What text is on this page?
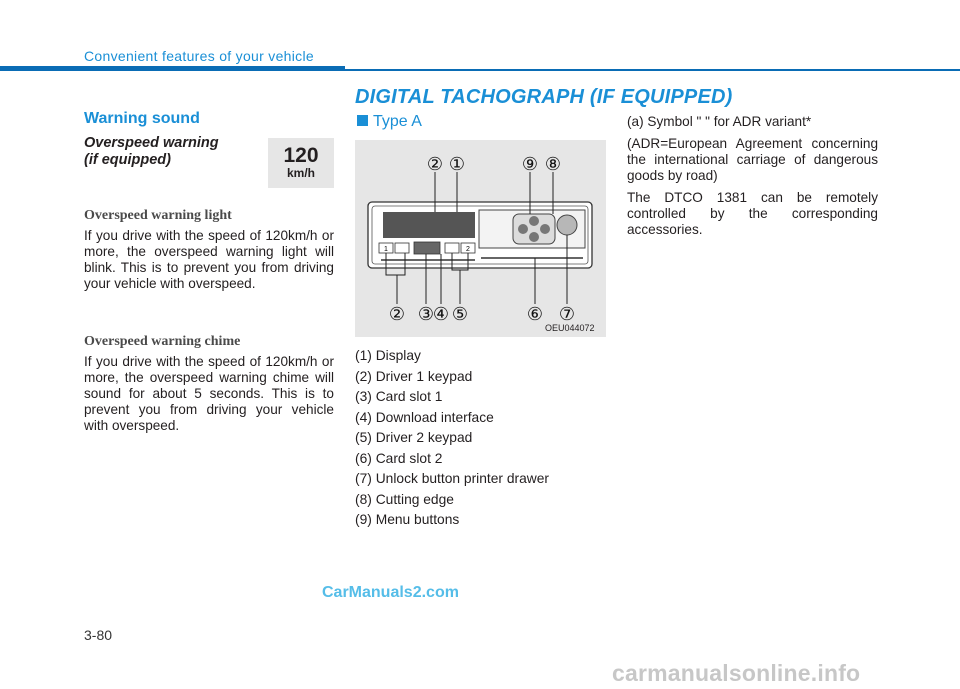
Convenient features of your vehicle
DIGITAL TACHOGRAPH (IF EQUIPPED)
Warning sound
Overspeed warning
(if equipped)	120
km/h
Overspeed warning light
If you drive with the speed of 120km/h or more, the overspeed warning light will blink. This is to prevent you from driving your vehicle with overspeed.
Overspeed warning chime
If you drive with the speed of 120km/h or more, the overspeed warning chime will sound for about 5 seconds. This is to prevent you from driving your vehicle with overspeed.
Type A
1	2
② ①	⑨ ⑧
② ③
④ ⑤	⑥ ⑦
OEU044072
(1) Display
(2) Driver 1 keypad
(3) Card slot 1
(4) Download interface
(5) Driver 2 keypad
(6) Card slot 2
(7) Unlock button printer drawer
(8) Cutting edge
(9) Menu buttons

(a) Symbol " " for ADR variant*

(ADR=European Agreement concerning the international carriage of dangerous goods by road)

The DTCO 1381 can be remotely controlled by the corresponding accessories.

CarManuals2.com
3-80
carmanualsonline.info
